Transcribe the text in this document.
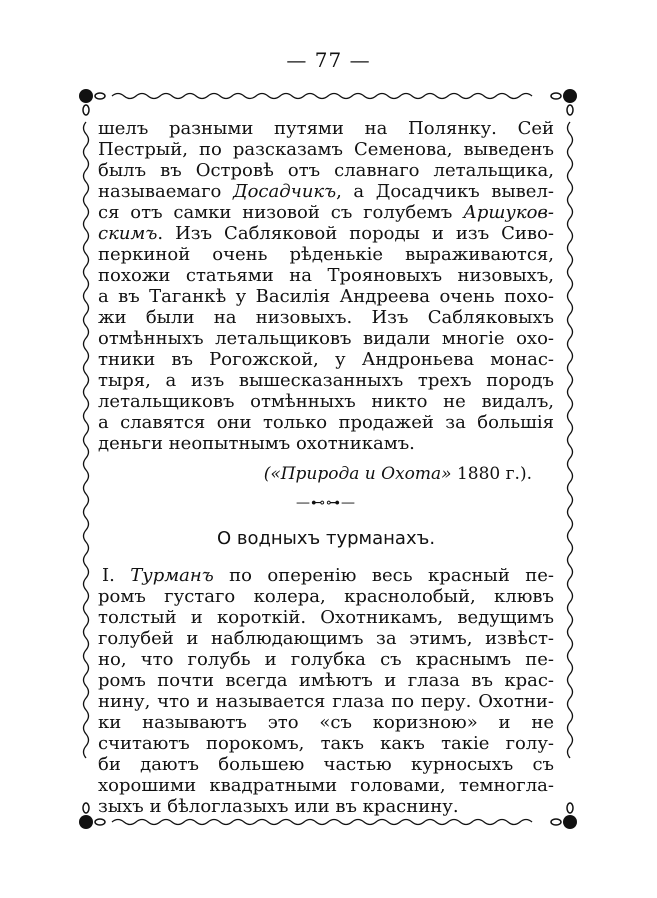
— 77 —
шелъ разными путями на Полянку. Сей
Пестрый, по разсказамъ Семенова, выведенъ
былъ въ Островѣ отъ славнаго летальщика,
называемаго Досадчикъ, а Досадчикъ вывел-
ся отъ самки низовой съ голубемъ Аршуков-
скимъ. Изъ Сабляковой породы и изъ Сиво-
перкиной очень рѣденькіе выраживаются,
похожи статьями на Трояновыхъ низовыхъ,
а въ Таганкѣ у Василія Андреева очень похо-
жи были на низовыхъ. Изъ Сабляковыхъ
отмѣнныхъ летальщиковъ видали многіе охо-
тники въ Рогожской, у Андроньева монас-
тыря, а изъ вышесказанныхъ трехъ породъ
летальщиковъ отмѣнныхъ никто не видалъ,
а славятся они только продажей за большія
деньги неопытнымъ охотникамъ.
(«Природа и Охота» 1880 г.).
—⊷⊶—
О водныхъ турманахъ.
I. Турманъ по оперенію весь красный пе-
ромъ густаго колера, краснолобый, клювъ
толстый и короткій. Охотникамъ, ведущимъ
голубей и наблюдающимъ за этимъ, извѣст-
но, что голубь и голубка съ краснымъ пе-
ромъ почти всегда имѣютъ и глаза въ крас-
нину, что и называется глаза по перу. Охотни-
ки называютъ это «съ коризною» и не
считаютъ порокомъ, такъ какъ такіе голу-
би даютъ большею частью курносыхъ съ
хорошими квадратными головами, темногла-
зыхъ и бѣлоглазыхъ или въ краснину.
